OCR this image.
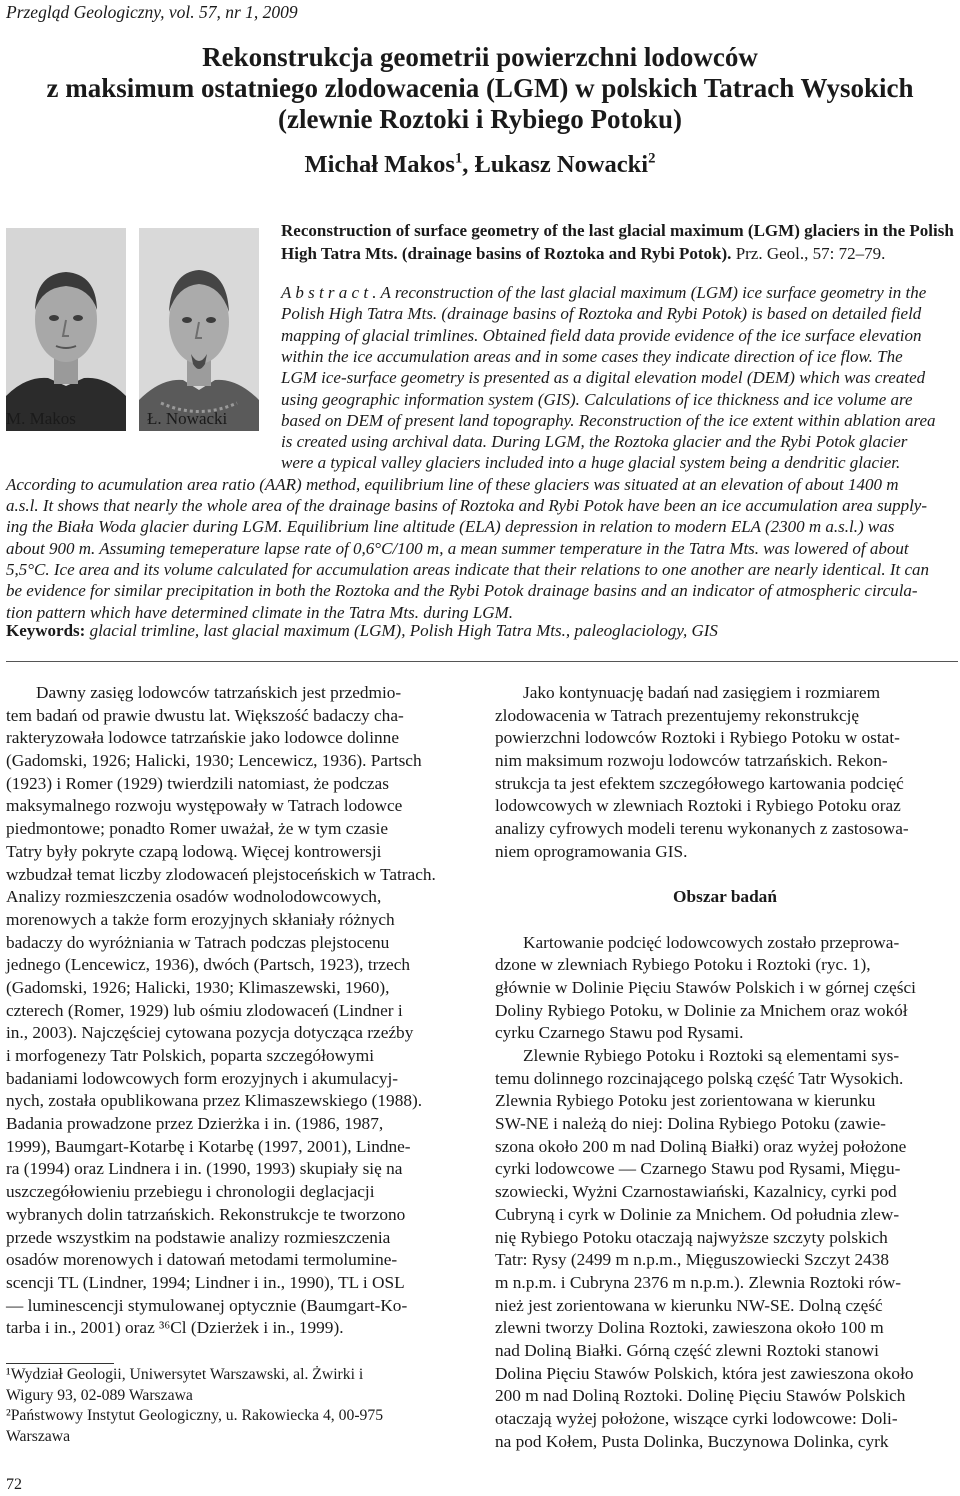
Przegląd Geologiczny, vol. 57, nr 1, 2009
Rekonstrukcja geometrii powierzchni lodowców
z maksimum ostatniego zlodowacenia (LGM) w polskich Tatrach Wysokich
(zlewnie Roztoki i Rybiego Potoku)
Michał Makos$^1$, Łukasz Nowacki$^2$
M. Makos	Ł. Nowacki
Reconstruction of surface geometry of the last glacial maximum (LGM) glaciers in the Polish
High Tatra Mts. (drainage basins of Roztoka and Rybi Potok). Prz. Geol., 57: 72–79.
A b s t r a c t . A reconstruction of the last glacial maximum (LGM) ice surface geometry in the
Polish High Tatra Mts. (drainage basins of Roztoka and Rybi Potok) is based on detailed field
mapping of glacial trimlines. Obtained field data provide evidence of the ice surface elevation
within the ice accumulation areas and in some cases they indicate direction of ice flow. The
LGM ice-surface geometry is presented as a digital elevation model (DEM) which was created
using geographic information system (GIS). Calculations of ice thickness and ice volume are
based on DEM of present land topography. Reconstruction of the ice extent within ablation area
is created using archival data. During LGM, the Roztoka glacier and the Rybi Potok glacier
were a typical valley glaciers included into a huge glacial system being a dendritic glacier.
According to acumulation area ratio (AAR) method, equilibrium line of these glaciers was situated at an elevation of about 1400 m
a.s.l. It shows that nearly the whole area of the drainage basins of Roztoka and Rybi Potok have been an ice accumulation area supply-
ing the Biała Woda glacier during LGM. Equilibrium line altitude (ELA) depression in relation to modern ELA (2300 m a.s.l.) was
about 900 m. Assuming temeperature lapse rate of 0,6°C/100 m, a mean summer temperature in the Tatra Mts. was lowered of about
5,5°C. Ice area and its volume calculated for accumulation areas indicate that their relations to one another are nearly identical. It can
be evidence for similar precipitation in both the Roztoka and the Rybi Potok drainage basins and an indicator of atmospheric circula-
tion pattern which have determined climate in the Tatra Mts. during LGM.
Keywords: glacial trimline, last glacial maximum (LGM), Polish High Tatra Mts., paleoglaciology, GIS
Dawny zasięg lodowców tatrzańskich jest przedmio-
tem badań od prawie dwustu lat. Większość badaczy cha-
rakteryzowała lodowce tatrzańskie jako lodowce dolinne
(Gadomski, 1926; Halicki, 1930; Lencewicz, 1936). Partsch
(1923) i Romer (1929) twierdzili natomiast, że podczas
maksymalnego rozwoju występowały w Tatrach lodowce
piedmontowe; ponadto Romer uważał, że w tym czasie
Tatry były pokryte czapą lodową. Więcej kontrowersji
wzbudzał temat liczby zlodowaceń plejstoceńskich w Tatrach.
Analizy rozmieszczenia osadów wodnolodowcowych,
morenowych a także form erozyjnych skłaniały różnych
badaczy do wyróżniania w Tatrach podczas plejstocenu
jednego (Lencewicz, 1936), dwóch (Partsch, 1923), trzech
(Gadomski, 1926; Halicki, 1930; Klimaszewski, 1960),
czterech (Romer, 1929) lub ośmiu zlodowaceń (Lindner i
in., 2003). Najczęściej cytowana pozycja dotycząca rzeźby
i morfogenezy Tatr Polskich, poparta szczegółowymi
badaniami lodowcowych form erozyjnych i akumulacyj-
nych, została opublikowana przez Klimaszewskiego (1988).
Badania prowadzone przez Dzierżka i in. (1986, 1987,
1999), Baumgart-Kotarbę i Kotarbę (1997, 2001), Lindne-
ra (1994) oraz Lindnera i in. (1990, 1993) skupiały się na
uszczegółowieniu przebiegu i chronologii deglacjacji
wybranych dolin tatrzańskich. Rekonstrukcje te tworzono
przede wszystkim na podstawie analizy rozmieszczenia
osadów morenowych i datowań metodami termolumine-
scencji TL (Lindner, 1994; Lindner i in., 1990), TL i OSL
— luminescencji stymulowanej optycznie (Baumgart-Ko-
tarba i in., 2001) oraz ³⁶Cl (Dzierżek i in., 1999).
¹Wydział Geologii, Uniwersytet Warszawski, al. Żwirki i
Wigury 93, 02-089 Warszawa
²Państwowy Instytut Geologiczny, u. Rakowiecka 4, 00-975
Warszawa
Jako kontynuację badań nad zasięgiem i rozmiarem
zlodowacenia w Tatrach prezentujemy rekonstrukcję
powierzchni lodowców Roztoki i Rybiego Potoku w ostat-
nim maksimum rozwoju lodowców tatrzańskich. Rekon-
strukcja ta jest efektem szczegółowego kartowania podcięć
lodowcowych w zlewniach Roztoki i Rybiego Potoku oraz
analizy cyfrowych modeli terenu wykonanych z zastosowa-
niem oprogramowania GIS.
Obszar badań
Kartowanie podcięć lodowcowych zostało przeprowa-
dzone w zlewniach Rybiego Potoku i Roztoki (ryc. 1),
głównie w Dolinie Pięciu Stawów Polskich i w górnej części
Doliny Rybiego Potoku, w Dolinie za Mnichem oraz wokół
cyrku Czarnego Stawu pod Rysami.
Zlewnie Rybiego Potoku i Roztoki są elementami sys-
temu dolinnego rozcinającego polską część Tatr Wysokich.
Zlewnia Rybiego Potoku jest zorientowana w kierunku
SW-NE i należą do niej: Dolina Rybiego Potoku (zawie-
szona około 200 m nad Doliną Białki) oraz wyżej położone
cyrki lodowcowe — Czarnego Stawu pod Rysami, Mięgu-
szowiecki, Wyżni Czarnostawiański, Kazalnicy, cyrki pod
Cubryną i cyrk w Dolinie za Mnichem. Od południa zlew-
nię Rybiego Potoku otaczają najwyższe szczyty polskich
Tatr: Rysy (2499 m n.p.m., Mięguszowiecki Szczyt 2438
m n.p.m. i Cubryna 2376 m n.p.m.). Zlewnia Roztoki rów-
nież jest zorientowana w kierunku NW-SE. Dolną część
zlewni tworzy Dolina Roztoki, zawieszona około 100 m
nad Doliną Białki. Górną część zlewni Roztoki stanowi
Dolina Pięciu Stawów Polskich, która jest zawieszona około
200 m nad Doliną Roztoki. Dolinę Pięciu Stawów Polskich
otaczają wyżej położone, wiszące cyrki lodowcowe: Doli-
na pod Kołem, Pusta Dolinka, Buczynowa Dolinka, cyrk
72
